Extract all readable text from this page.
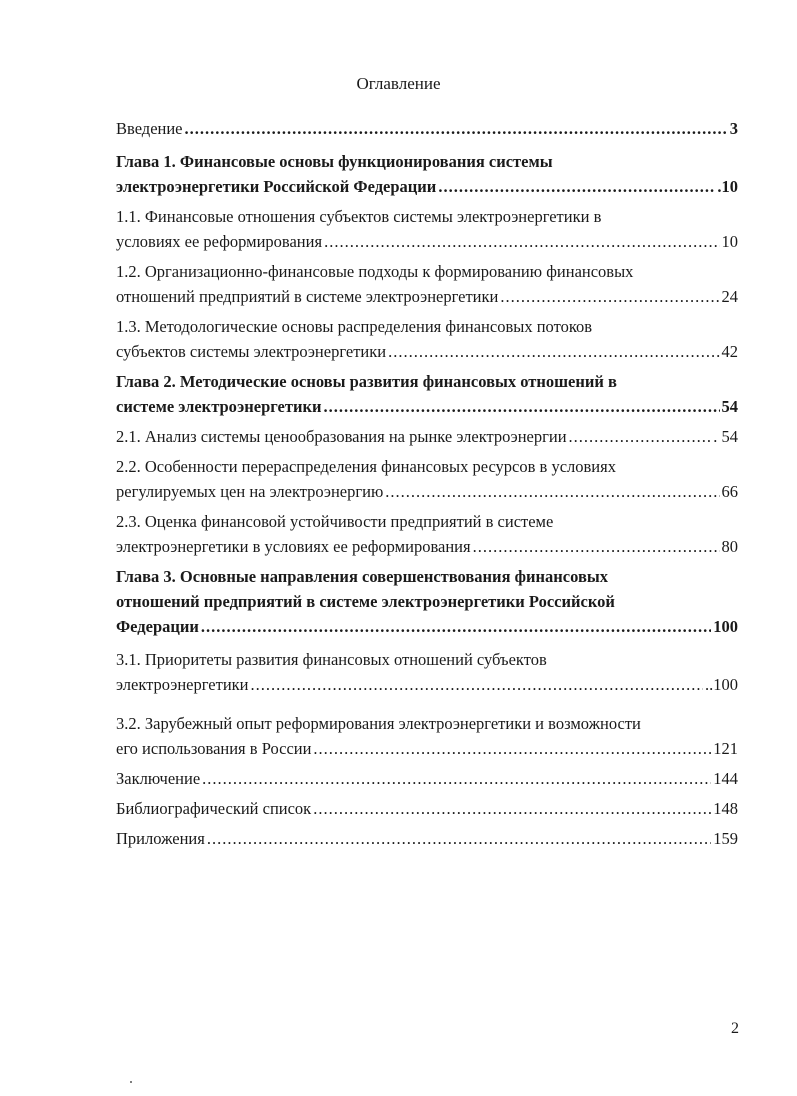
Оглавление
Введение .....	3
Глава 1. Финансовые основы функционирования системы
электроэнергетики Российской Федерации .....	.10
1.1. Финансовые отношения субъектов системы электроэнергетики в
условиях ее реформирования .....	10
1.2. Организационно-финансовые подходы к формированию финансовых
отношений предприятий в системе электроэнергетики .....	24
1.3. Методологические основы распределения финансовых потоков
субъектов системы электроэнергетики .....	42
Глава 2. Методические основы развития финансовых отношений в
системе электроэнергетики .....	54
2.1. Анализ системы ценообразования на рынке электроэнергии .....	. 54
2.2. Особенности перераспределения финансовых ресурсов в условиях
регулируемых цен на электроэнергию .....	66
2.3. Оценка финансовой устойчивости предприятий в системе
электроэнергетики в условиях ее реформирования .....	80
Глава 3. Основные направления совершенствования финансовых
отношений предприятий в системе электроэнергетики Российской
Федерации .....	100
3.1. Приоритеты развития финансовых отношений субъектов
электроэнергетики .....	..100
3.2. Зарубежный опыт реформирования электроэнергетики и возможности
его использования в России .....	121
Заключение .....	144
Библиографический список .....	148
Приложения .....	159
2
